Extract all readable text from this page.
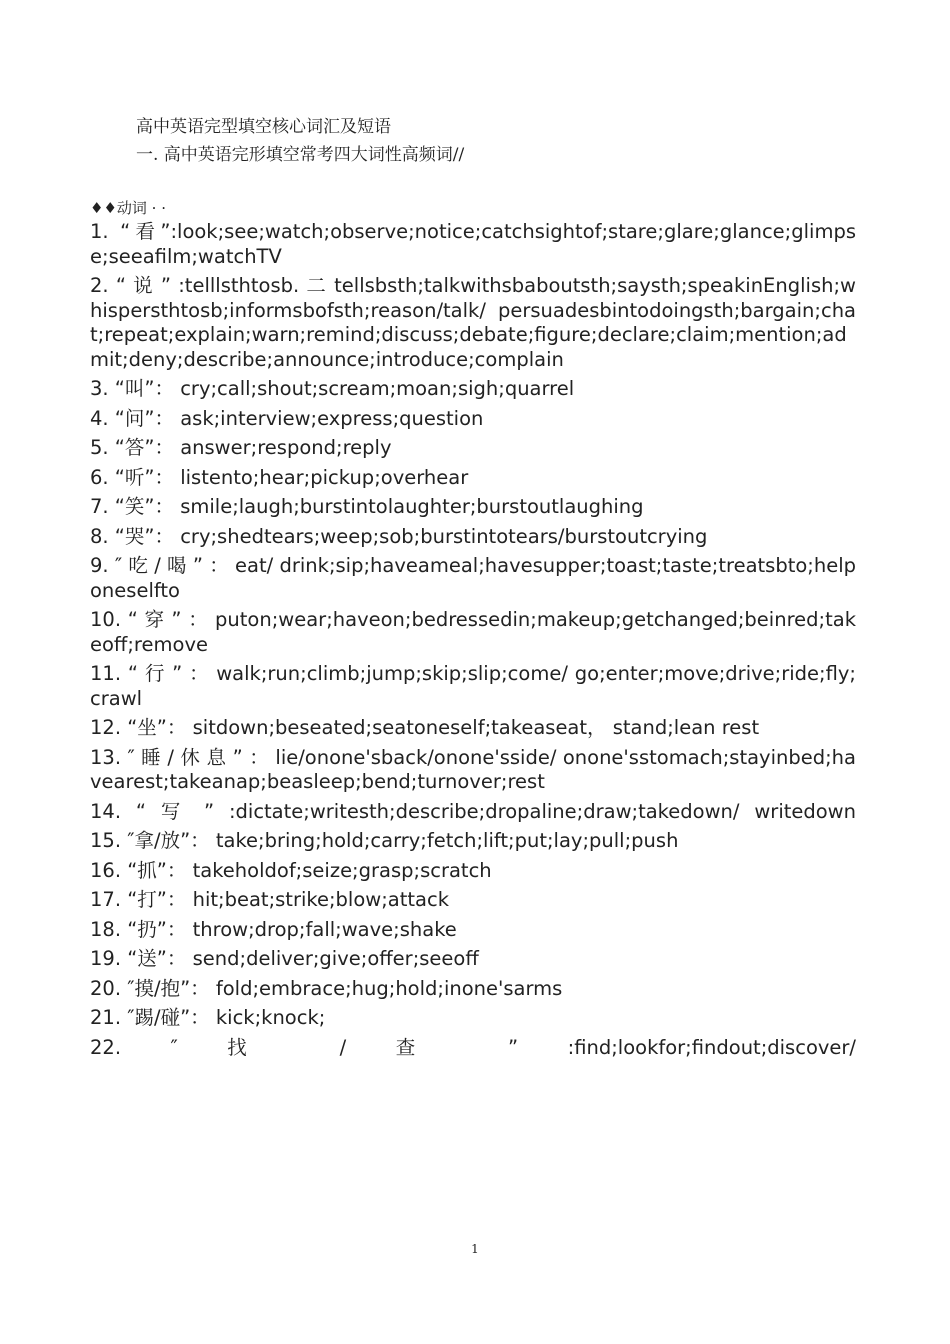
高中英语完型填空核心词汇及短语
一. 高中英语完形填空常考四大词性高频词//
♦♦动词 · ·

1. “看”:look;see;watch;observe;notice;catchsightof;stare;glare;glance;glimpse;seeafilm;watchTV

2. “ 说 ” :telllsthtosb. 二 tellsbsth;talkwithsbaboutsth;saysth;speakinEnglish;whispersthtosb;informsbofsth;reason/talk/ persuadesbintodoingsth;bargain;chat;repeat;explain;warn;remind;discuss;debate;figure;declare;claim;mention;admit;deny;describe;announce;introduce;complain

3. “叫”： cry;call;shout;scream;moan;sigh;quarrel

4. “问”： ask;interview;express;question

5. “答”： answer;respond;reply

6. “听”： listento;hear;pickup;overhear

7. “笑”： smile;laugh;burstintolaughter;burstoutlaughing

8. “哭”： cry;shedtears;weep;sob;burstintotears/burstoutcrying

9. ″ 吃 / 喝 ” ： eat/ drink;sip;haveameal;havesupper;toast;taste;treatsbto;helponeselfto

10. “ 穿 ” ： puton;wear;haveon;bedressedin;makeup;getchanged;beinred;takeoff;remove

11. “ 行 ” ： walk;run;climb;jump;skip;slip;come/ go;enter;move;drive;ride;fly;crawl

12. “坐”： sitdown;beseated;seatoneself;takeaseat， stand;lean rest

13. ″ 睡 / 休 息 ” ： lie/onone'sback/onone'sside/ onone'sstomach;stayinbed;havearest;takeanap;beasleep;bend;turnover;rest

14. “ 写 ” :dictate;writesth;describe;dropaline;draw;takedown/ writedown

15. ″拿/放”： take;bring;hold;carry;fetch;lift;put;lay;pull;push

16. “抓”： takeholdof;seize;grasp;scratch

17. “打”： hit;beat;strike;blow;attack

18. “扔”： throw;drop;fall;wave;shake

19. “送”： send;deliver;give;offer;seeoff

20. ″摸/抱”： fold;embrace;hug;hold;inone'sarms

21. ″踢/碰”： kick;knock;

22. ″ 找 / 查 ” :find;lookfor;findout;discover/

1
